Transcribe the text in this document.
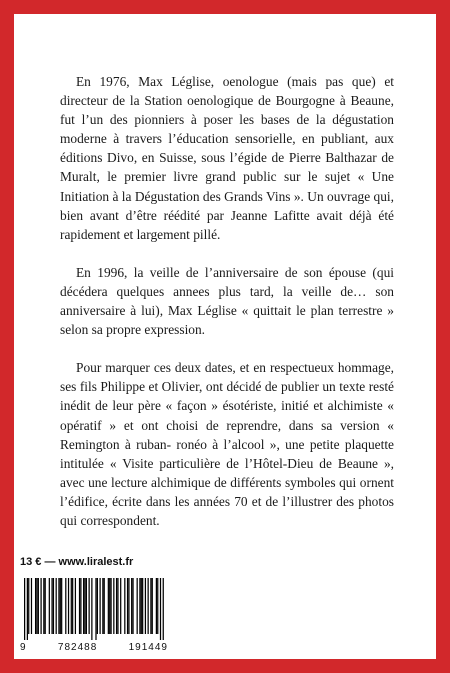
En 1976, Max Léglise, oenologue (mais pas que) et directeur de la Station oenologique de Bourgogne à Beaune, fut l’un des pionniers à poser les bases de la dégustation moderne à travers l’éducation sensorielle, en publiant, aux éditions Divo, en Suisse, sous l’égide de Pierre Balthazar de Muralt, le premier livre grand public sur le sujet « Une Initiation à la Dégustation des Grands Vins ». Un ouvrage qui, bien avant d’être réédité par Jeanne Lafitte avait déjà été rapidement et largement pillé.

En 1996, la veille de l’anniversaire de son épouse (qui décédera quelques annees plus tard, la veille de… son anniversaire à lui), Max Léglise « quittait le plan terrestre » selon sa propre expression.

Pour marquer ces deux dates, et en respectueux hommage, ses fils Philippe et Olivier, ont décidé de publier un texte resté inédit de leur père « façon » ésotériste, initié et alchimiste « opératif » et ont choisi de reprendre, dans sa version « Remington à ruban- ronéo à l’alcool », une petite plaquette intitulée « Visite particulière de l’Hôtel-Dieu de Beaune », avec une lecture alchimique de différents symboles qui ornent l’édifice, écrite dans les années 70 et de l’illustrer des photos qui correspondent.

13 € — www.liralest.fr
9	782488	191449
